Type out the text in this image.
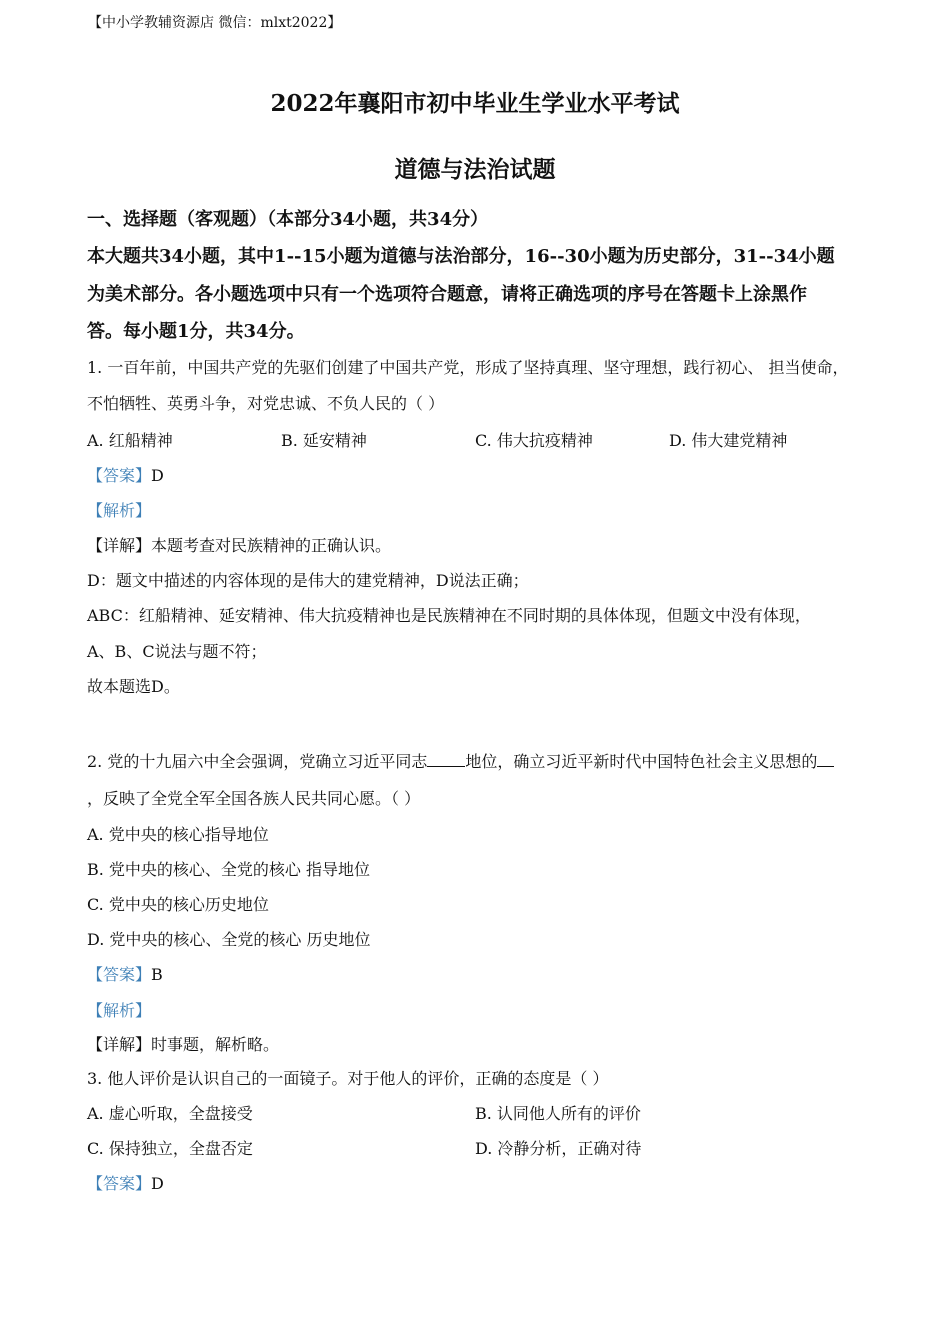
【中小学教辅资源店 微信：mlxt2022】
2022年襄阳市初中毕业生学业水平考试
道德与法治试题
一、选择题（客观题）（本部分34小题，共34分）
本大题共34小题，其中1--15小题为道德与法治部分，16--30小题为历史部分，31--34小题
为美术部分。各小题选项中只有一个选项符合题意，请将正确选项的序号在答题卡上涂黑作
答。每小题1分，共34分。
1. 一百年前，中国共产党的先驱们创建了中国共产党，形成了坚持真理、坚守理想，践行初心、 担当使命，
不怕牺牲、英勇斗争，对党忠诚、不负人民的（ ）
A. 红船精神	B. 延安精神	C. 伟大抗疫精神	D. 伟大建党精神
【答案】D
【解析】
【详解】本题考查对民族精神的正确认识。
D：题文中描述的内容体现的是伟大的建党精神，D说法正确；
ABC：红船精神、延安精神、伟大抗疫精神也是民族精神在不同时期的具体体现，但题文中没有体现，
A、B、C说法与题不符；
故本题选D。
2. 党的十九届六中全会强调，党确立习近平同志 地位，确立习近平新时代中国特色社会主义思想的
，反映了全党全军全国各族人民共同心愿。（ ）
A. 党中央的核心指导地位
B. 党中央的核心、全党的核心 指导地位
C. 党中央的核心历史地位
D. 党中央的核心、全党的核心 历史地位
【答案】B
【解析】
【详解】时事题，解析略。
3. 他人评价是认识自己的一面镜子。对于他人的评价，正确的态度是（ ）
A. 虚心听取，全盘接受	B. 认同他人所有的评价
C. 保持独立，全盘否定	D. 冷静分析，正确对待
【答案】D
